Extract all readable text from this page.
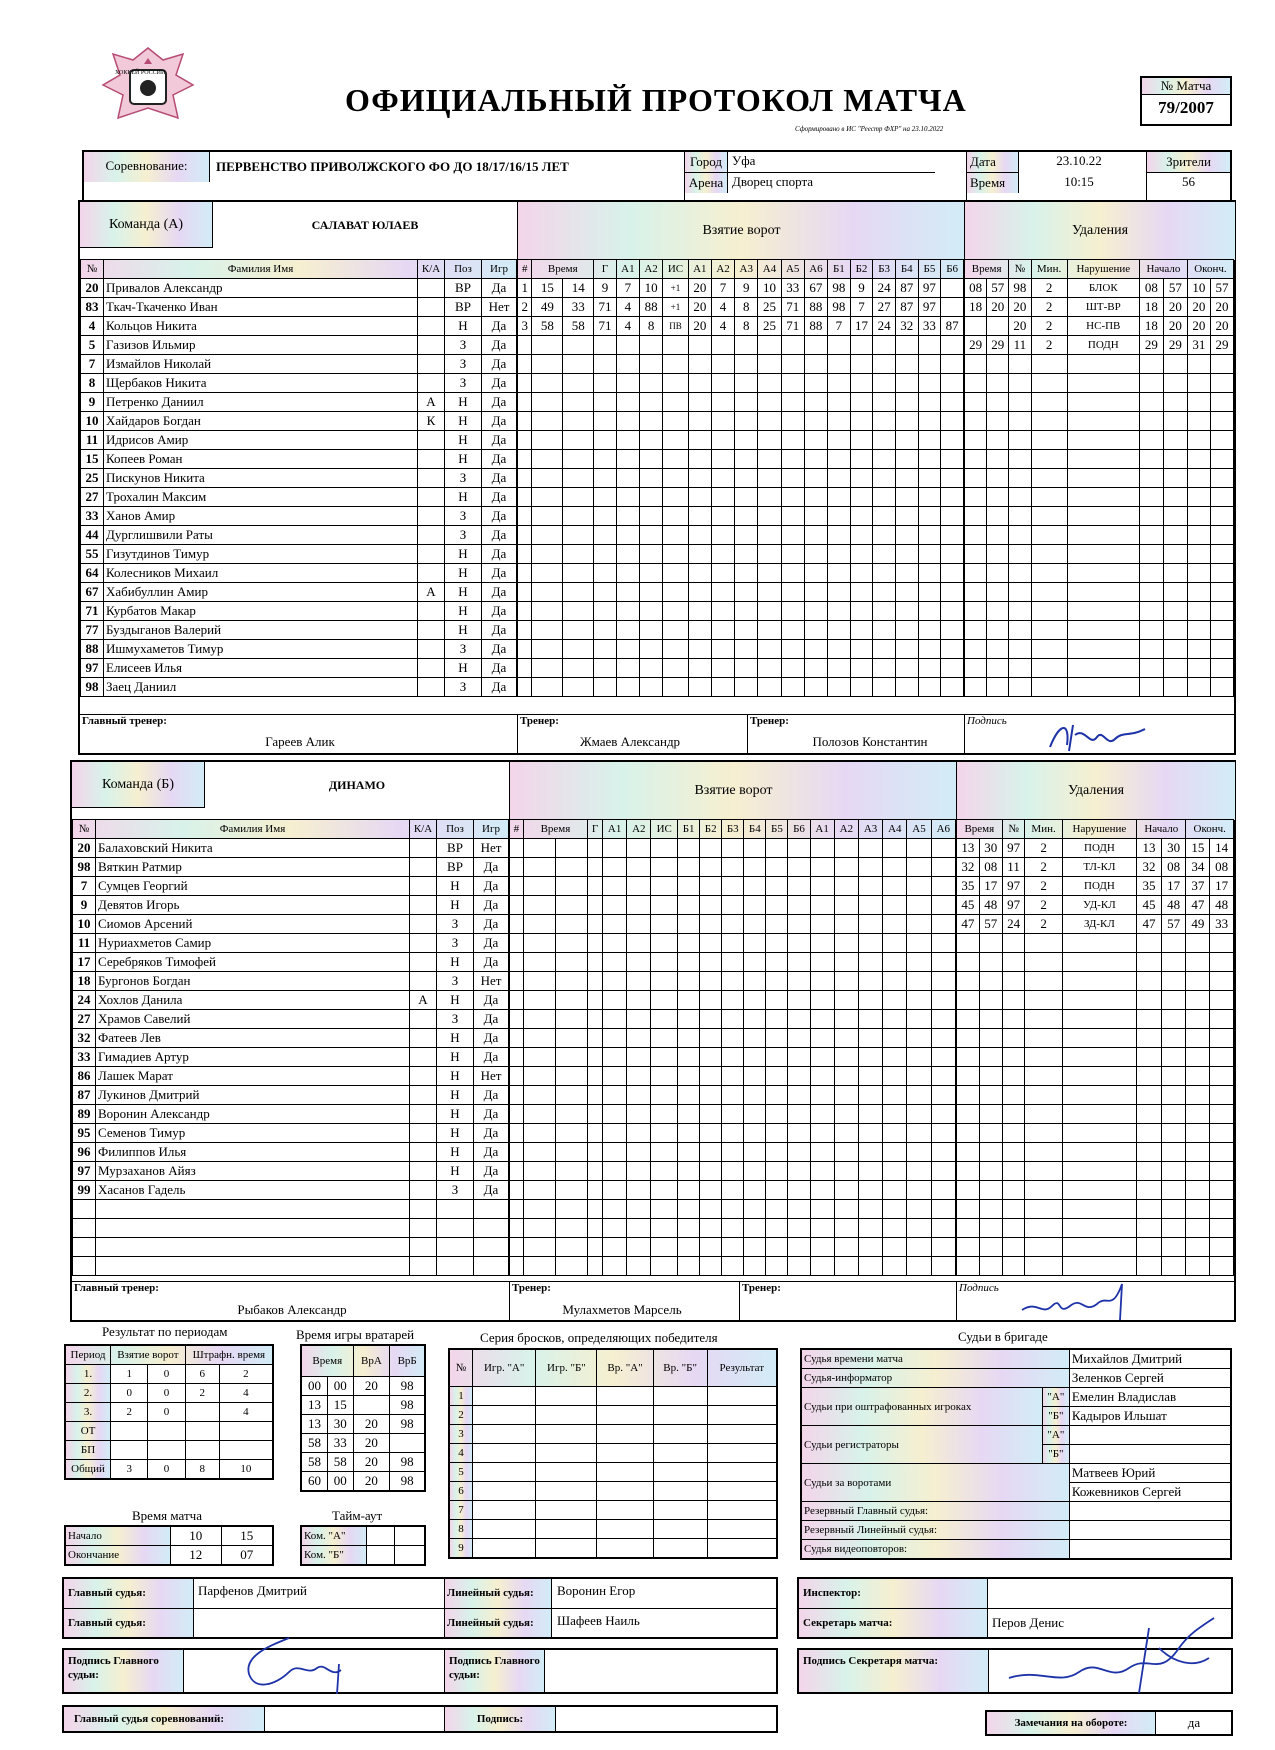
ХОККЕЙ РОССИИ
ОФИЦИАЛЬНЫЙ ПРОТОКОЛ МАТЧА
Сформировано в ИС "Реестр ФХР" на 23.10.2022
№ Матча
79/2007
Соревнование:	ПЕРВЕНСТВО ПРИВОЛЖСКОГО ФО ДО 18/17/16/15 ЛЕТ	Город Уфа
Арена Дворец спорта
Дата	23.10.22
Время	10:15
Зрители
56
Команда (А)	САЛАВАТ ЮЛАЕВ	Взятие ворот	Удаления
№	Фамилия Имя	К/А	Поз	Игр
20	Привалов Александр		ВР	Да
83	Ткач-Ткаченко Иван		ВР	Нет
4	Кольцов Никита		Н	Да
5	Газизов Ильмир		З	Да
7	Измайлов Николай		З	Да
8	Щербаков Никита		З	Да
9	Петренко Даниил	А	Н	Да
10	Хайдаров Богдан	К	Н	Да
11	Идрисов Амир		Н	Да
15	Копеев Роман		Н	Да
25	Пискунов Никита		З	Да
27	Трохалин Максим		Н	Да
33	Ханов Амир		З	Да
44	Дурглишвили Раты		З	Да
55	Гизутдинов Тимур		Н	Да
64	Колесников Михаил		Н	Да
67	Хабибуллин Амир	А	Н	Да
71	Курбатов Макар		Н	Да
77	Буздыганов Валерий		Н	Да
88	Ишмухаметов Тимур		З	Да
97	Елисеев Илья		Н	Да
98	Заец Даниил		З	Да
#	Время		Г	А1	А2	ИС	А1	А2	А3	А4	А5	А6	Б1	Б2	Б3	Б4	Б5	Б6
1	15	14	9	7	10	+1	20	7	9	10	33	67	98	9	24	87	97	
2	49	33	71	4	88	+1	20	4	8	25	71	88	98	7	27	87	97	
3	58	58	71	4	8	ПВ	20	4	8	25	71	88	7	17	24	32	33	87

Время		№	Мин.	Нарушение	Начало		Оконч.	
08	57	98	2	БЛОК	08	57	10	57
18	20	20	2	ШТ-ВР	18	20	20	20
		20	2	НС-ПВ	18	20	20	20
29	29	11	2	ПОДН	29	29	31	29

Главный тренер:
Гареев Алик
Тренер:
Жмаев Александр
Тренер:
Полозов Константин
Подпись
Команда (Б)	ДИНАМО	Взятие ворот	Удаления
№	Фамилия Имя	К/А	Поз	Игр
20	Балаховский Никита		ВР	Нет
98	Вяткин Ратмир		ВР	Да
7	Сумцев Георгий		Н	Да
9	Девятов Игорь		Н	Да
10	Сиомов Арсений		З	Да
11	Нуриахметов Самир		З	Да
17	Серебряков Тимофей		Н	Да
18	Бургонов Богдан		З	Нет
24	Хохлов Данила	А	Н	Да
27	Храмов Савелий		З	Да
32	Фатеев Лев		Н	Да
33	Гимадиев Артур		Н	Да
86	Лашек Марат		Н	Нет
87	Лукинов Дмитрий		Н	Да
89	Воронин Александр		Н	Да
95	Семенов Тимур		Н	Да
96	Филиппов Илья		Н	Да
97	Мурзаханов Айяз		Н	Да
99	Хасанов Гадель		З	Да

#	Время		Г	А1	А2	ИС	Б1	Б2	Б3	Б4	Б5	Б6	А1	А2	А3	А4	А5	А6

																		Время		№	Мин.	Нарушение	Начало		Оконч.	
13	30	97	2	ПОДН	13	30	15	14
32	08	11	2	ТЛ-КЛ	32	08	34	08
35	17	97	2	ПОДН	35	17	37	17
45	48	97	2	УД-КЛ	45	48	47	48
47	57	24	2	ЗД-КЛ	47	57	49	33

Главный тренер:
Рыбаков Александр
Тренер:
Мулахметов Марсель
Тренер:	Подпись
Результат по периодам
Период	Взятие ворот		Штрафн. время	
1.	1	0	6	2
2.	0	0	2	4
3.	2	0		4
ОТ				
БП				
Общий	3	0	8	10
Время игры вратарей
Время		ВрА	ВрБ
00	00	20	98
13	15		98
13	30	20	98
58	33	20	
58	58	20	98
60	00	20	98
Время матча
Начало	10	15
Окончание	12	07
Тайм-аут
Ком. "А"		
Ком. "Б"		
Серия бросков, определяющих победителя
№	Игр. "А"	Игр. "Б"	Вр. "А"	Вр. "Б"	Результат
1					
2					
3					
4					
5					
6					
7					
8					
9					
Судьи в бригаде
Судья времени матча		Михайлов Дмитрий
Судья-информатор		Зеленков Сергей
Судьи при оштрафованных игроках	"А"	Емелин Владислав
	"Б"	Кадыров Ильшат
Судьи регистраторы	"А"	
	"Б"	
Судьи за воротами		Матвеев Юрий
		Кожевников Сергей
Резервный Главный судья:		
Резервный Линейный судья:		
Судья видеоповторов:		
Главный судья:	Парфенов Дмитрий
Главный судья:
Линейный судья:	Воронин Егор
Линейный судья:	Шафеев Наиль
Инспектор:
Секретарь матча:	Перов Денис
Подпись Главного судьи:
Подпись Главного судьи:
Подпись Секретаря матча:
Главный судья соревнований:	Подпись:	Замечания на обороте:	да
